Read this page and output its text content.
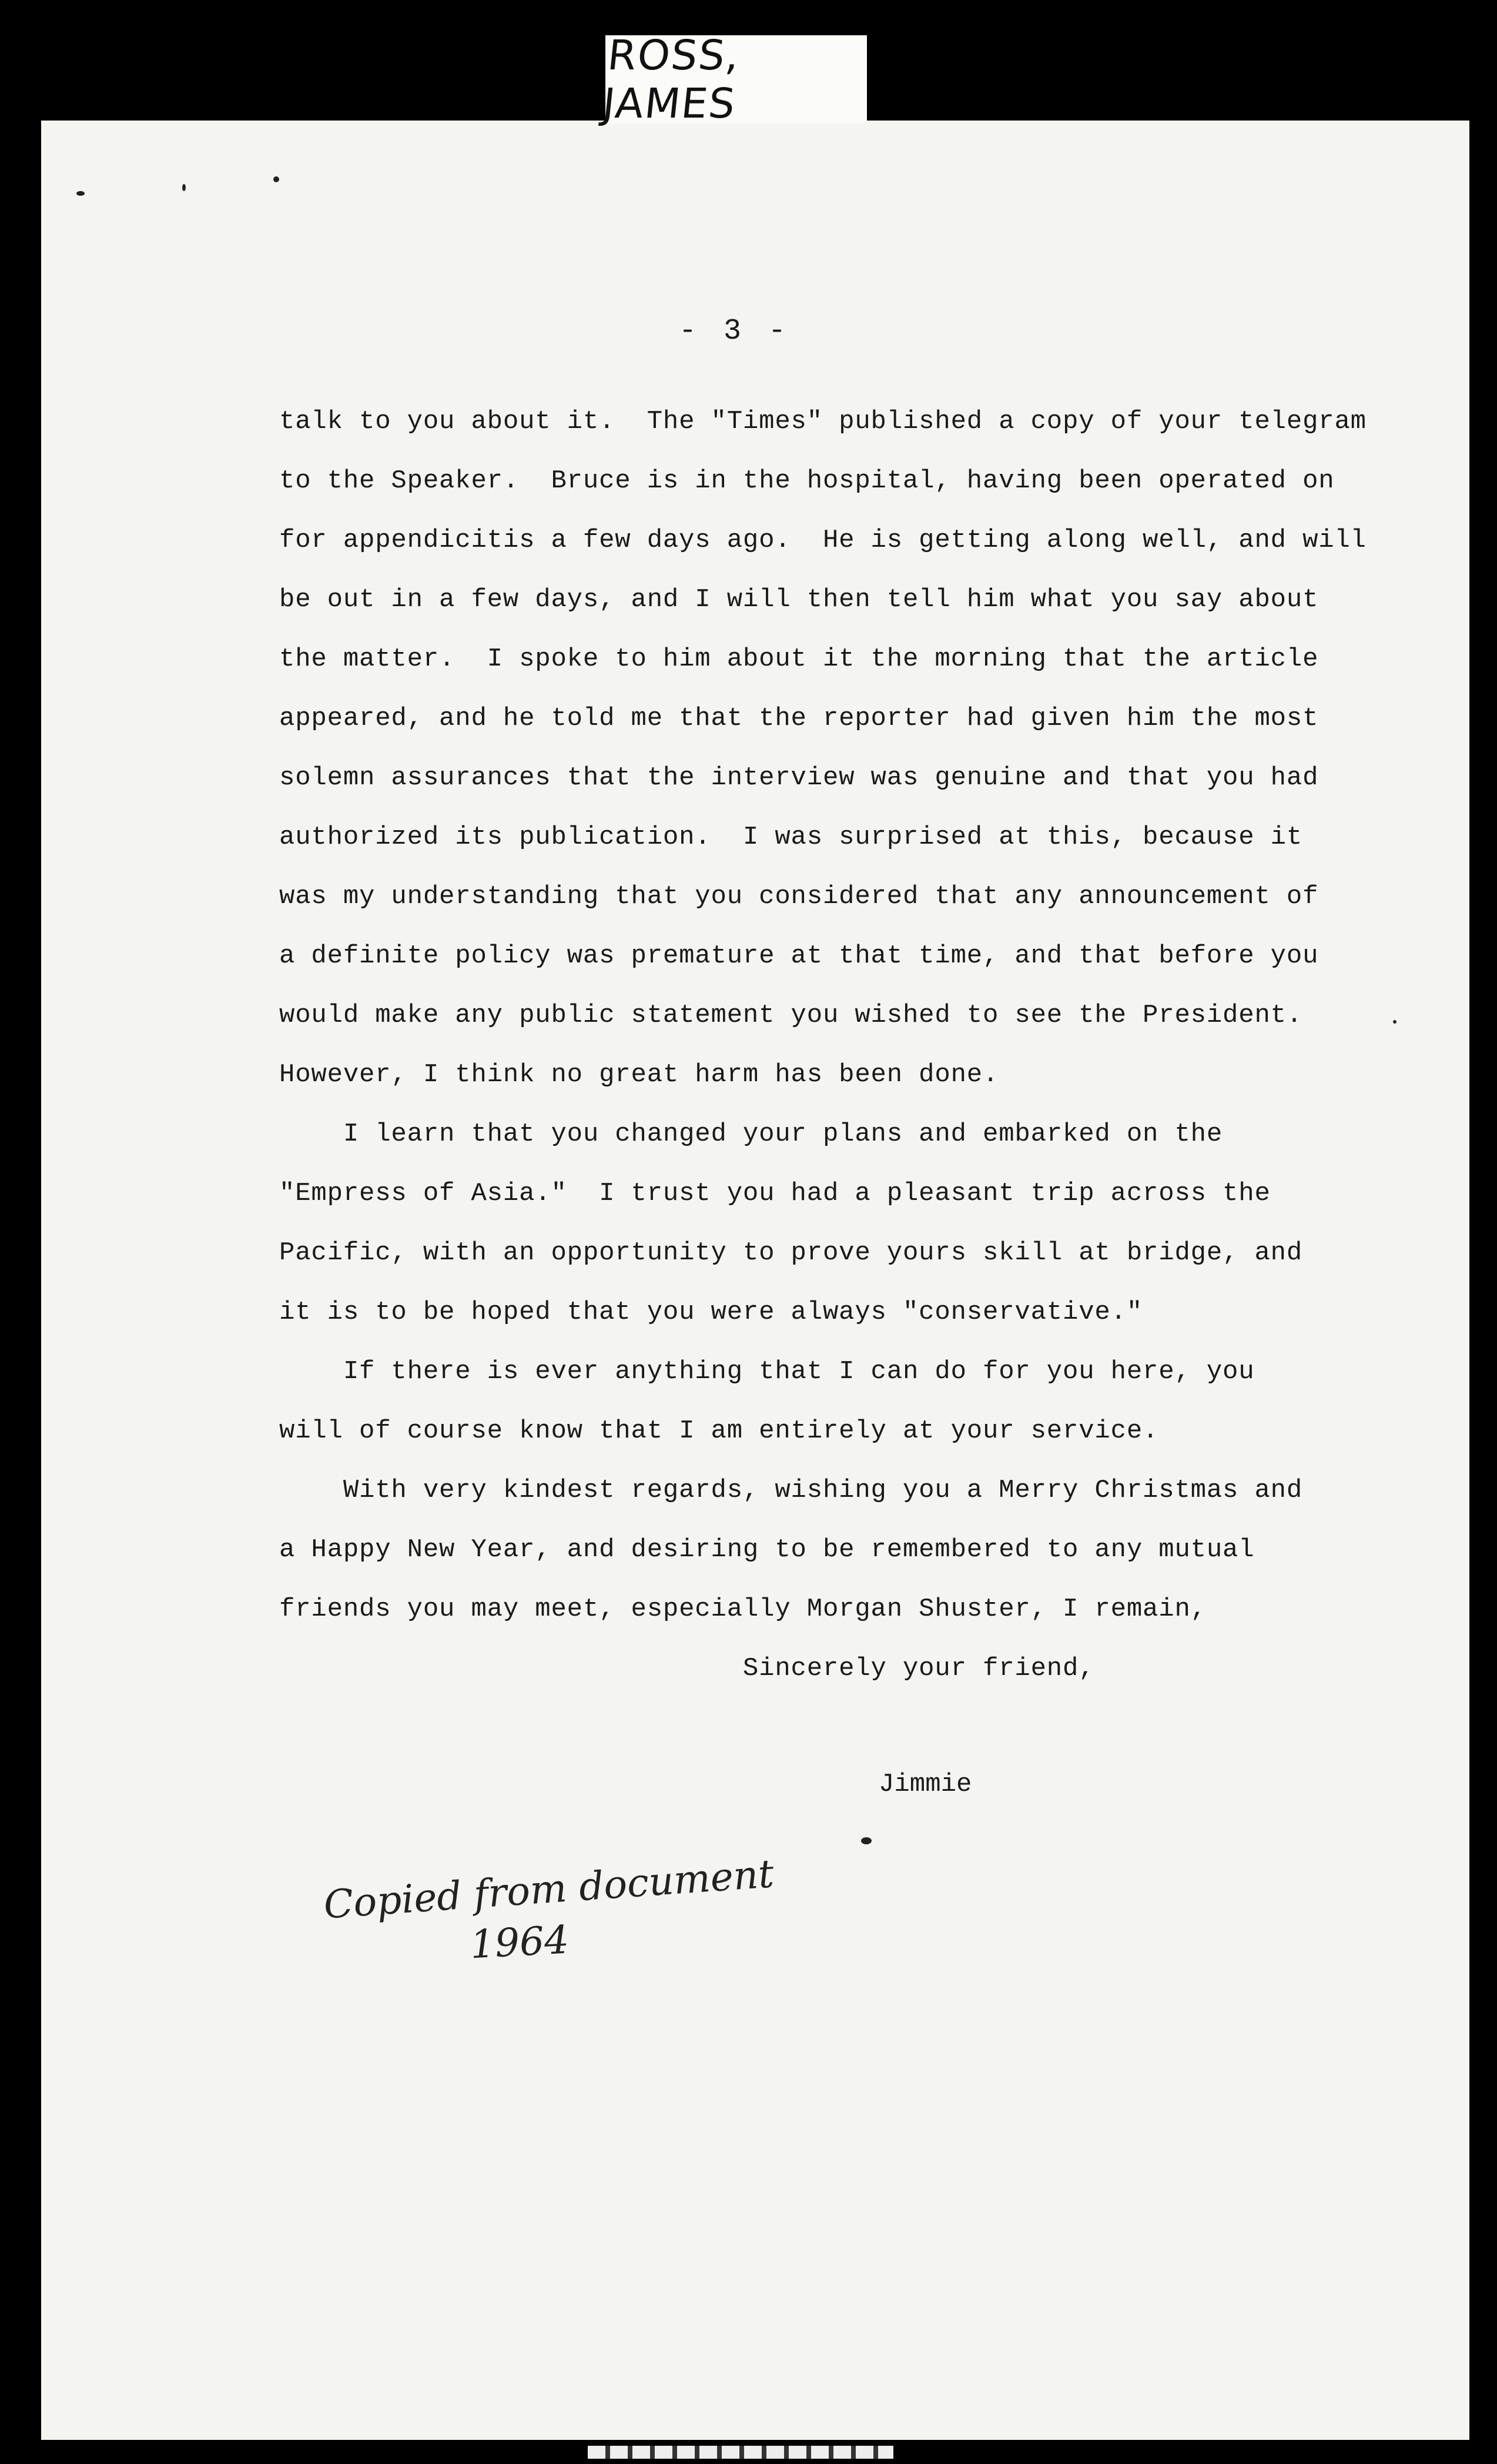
ROSS, JAMES
- 3 -
talk to you about it.  The "Times" published a copy of your telegram
to the Speaker.  Bruce is in the hospital, having been operated on
for appendicitis a few days ago.  He is getting along well, and will
be out in a few days, and I will then tell him what you say about
the matter.  I spoke to him about it the morning that the article
appeared, and he told me that the reporter had given him the most
solemn assurances that the interview was genuine and that you had
authorized its publication.  I was surprised at this, because it
was my understanding that you considered that any announcement of
a definite policy was premature at that time, and that before you
would make any public statement you wished to see the President.
However, I think no great harm has been done.
I learn that you changed your plans and embarked on the
"Empress of Asia."  I trust you had a pleasant trip across the
Pacific, with an opportunity to prove yours skill at bridge, and
it is to be hoped that you were always "conservative."
If there is ever anything that I can do for you here, you
will of course know that I am entirely at your service.
With very kindest regards, wishing you a Merry Christmas and
a Happy New Year, and desiring to be remembered to any mutual
friends you may meet, especially Morgan Shuster, I remain,
Sincerely your friend,
Jimmie
Copied from document
1964
